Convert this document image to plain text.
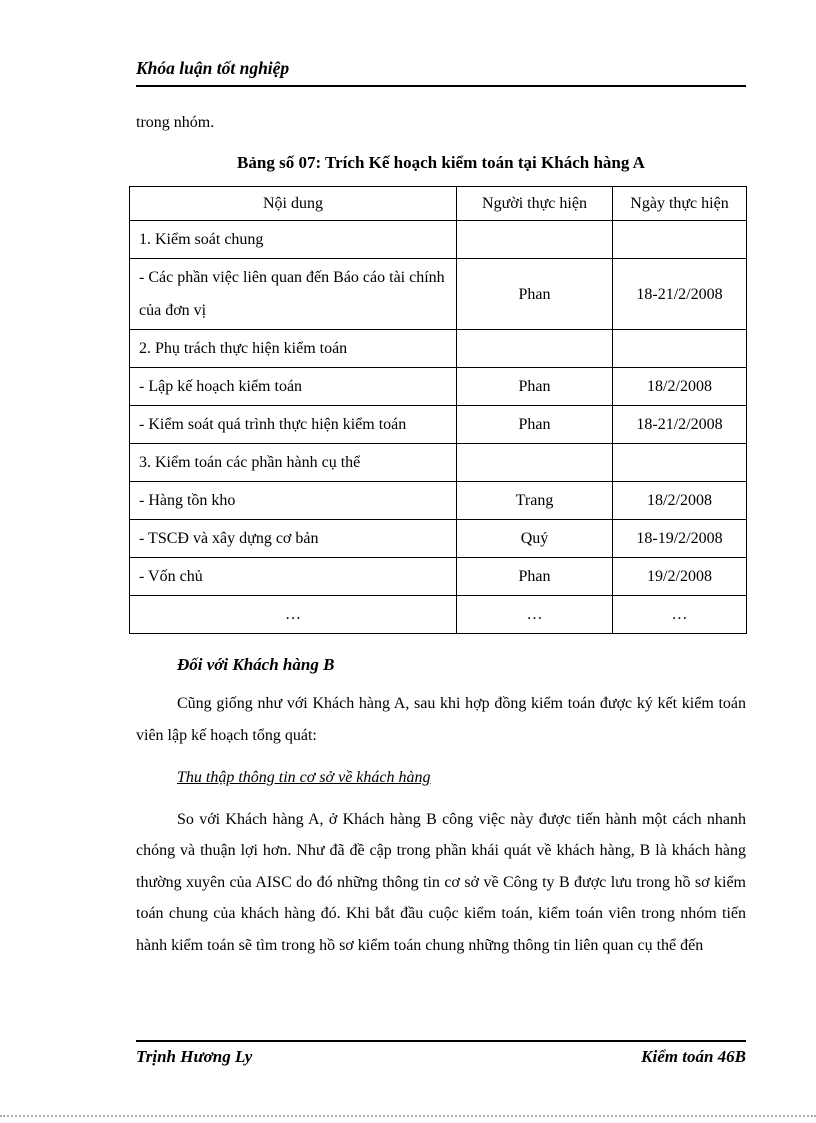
Khóa luận tốt nghiệp
trong nhóm.
Bảng số 07: Trích Kế hoạch kiểm toán tại Khách hàng A
Nội dung	Người thực hiện	Ngày thực hiện
1. Kiểm soát chung		
- Các phần việc liên quan đến Báo cáo tài chính của đơn vị	Phan	18-21/2/2008
2. Phụ trách thực hiện kiểm toán		
- Lập kế hoạch kiểm toán	Phan	18/2/2008
- Kiểm soát quá trình thực hiện kiểm toán	Phan	18-21/2/2008
3. Kiểm toán các phần hành cụ thể		
- Hàng tồn kho	Trang	18/2/2008
- TSCĐ và xây dựng cơ bản	Quý	18-19/2/2008
- Vốn chủ	Phan	19/2/2008
…	…	…
Đối với Khách hàng B

Cũng giống như với Khách hàng A, sau khi hợp đồng kiểm toán được ký kết kiểm toán viên lập kế hoạch tổng quát:

Thu thập thông tin cơ sở về khách hàng

So với Khách hàng A, ở Khách hàng B công việc này được tiến hành một cách nhanh chóng và thuận lợi hơn. Như đã đề cập trong phần khái quát về khách hàng, B là khách hàng thường xuyên của AISC do đó những thông tin cơ sở về Công ty B được lưu trong hồ sơ kiểm toán chung của khách hàng đó. Khi bắt đầu cuộc kiểm toán, kiểm toán viên trong nhóm tiến hành kiểm toán sẽ tìm trong hồ sơ kiểm toán chung những thông tin liên quan cụ thể đến

Trịnh Hương Ly	Kiểm toán 46B
